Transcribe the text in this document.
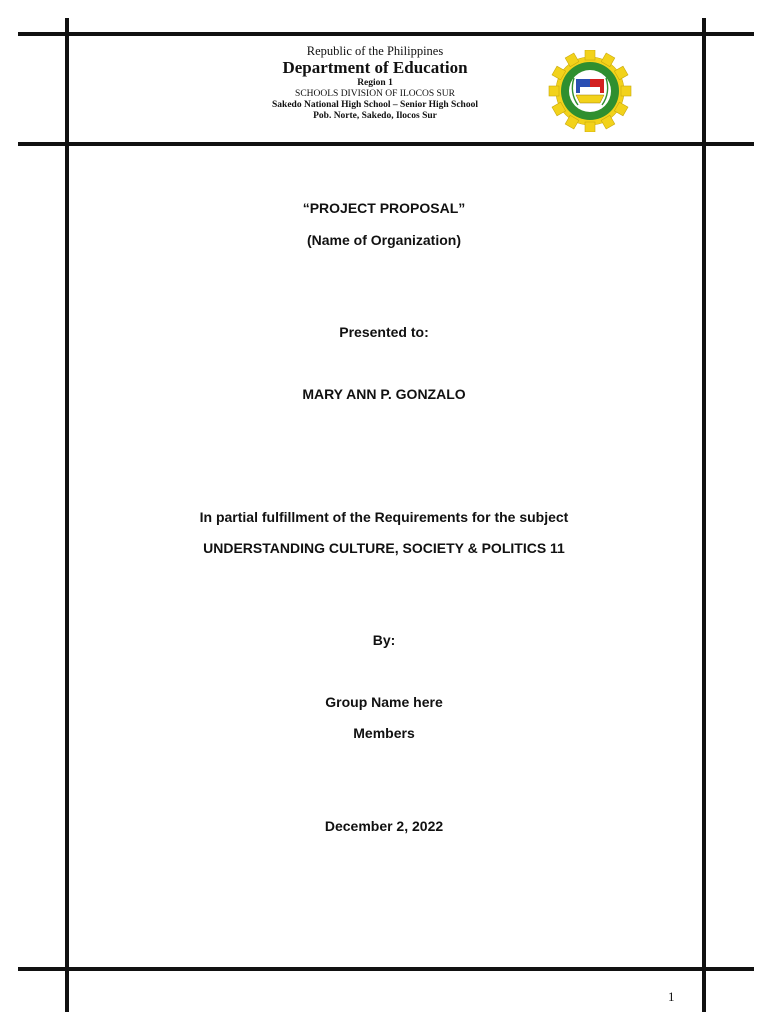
Republic of the Philippines
Department of Education
Region 1
SCHOOLS DIVISION OF ILOCOS SUR
Sakedo National High School – Senior High School
Pob. Norte, Sakedo, Ilocos Sur
“PROJECT PROPOSAL”
(Name of Organization)
Presented to:
MARY ANN P. GONZALO
In partial fulfillment of the Requirements for the subject
UNDERSTANDING CULTURE, SOCIETY & POLITICS 11
By:
Group Name here
Members
December 2, 2022
1
